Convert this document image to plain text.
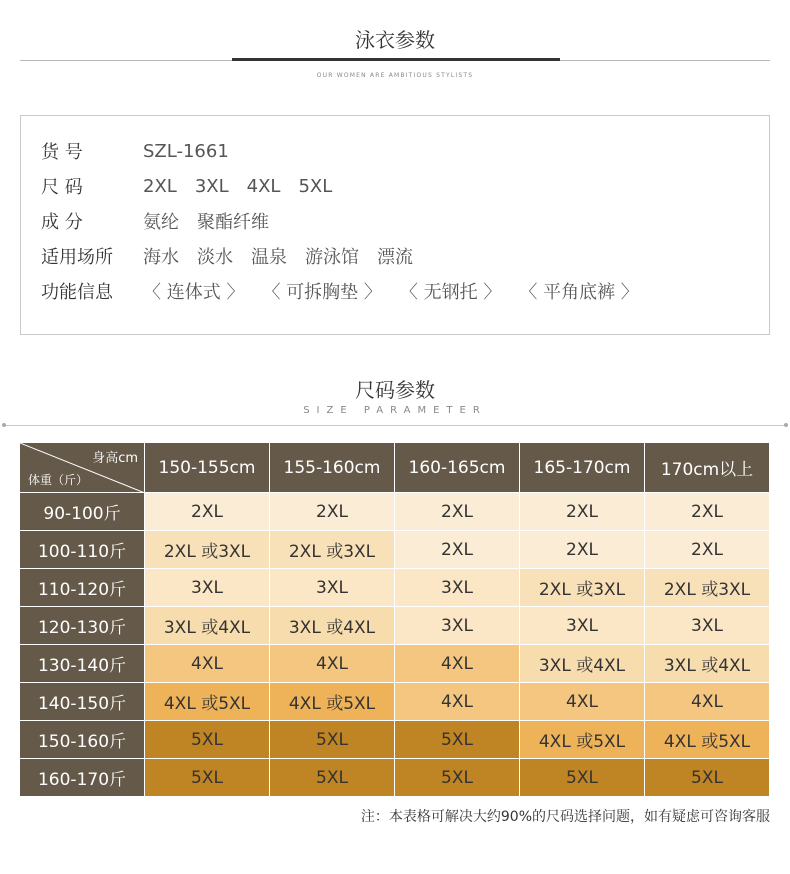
泳衣参数
OUR WOMEN ARE AMBITIOUS STYLISTS
货 号	SZL-1661
尺 码	2XL 3XL 4XL 5XL
成 分	氨纶 聚酯纤维
适用场所	海水 淡水 温泉 游泳馆 漂流
功能信息	〈 连体式 〉 〈 可拆胸垫 〉 〈 无钢托 〉 〈 平角底裤 〉
尺码参数
SIZE PARAMETER
身高cm
体重（斤）
150-155cm	155-160cm	160-165cm	165-170cm	170cm以上
90-100斤	2XL	2XL	2XL	2XL	2XL
100-110斤	2XL 或3XL	2XL 或3XL	2XL	2XL	2XL
110-120斤	3XL	3XL	3XL	2XL 或3XL	2XL 或3XL
120-130斤	3XL 或4XL	3XL 或4XL	3XL	3XL	3XL
130-140斤	4XL	4XL	4XL	3XL 或4XL	3XL 或4XL
140-150斤	4XL 或5XL	4XL 或5XL	4XL	4XL	4XL
150-160斤	5XL	5XL	5XL	4XL 或5XL	4XL 或5XL
160-170斤	5XL	5XL	5XL	5XL	5XL
注：本表格可解决大约90%的尺码选择问题，如有疑虑可咨询客服
